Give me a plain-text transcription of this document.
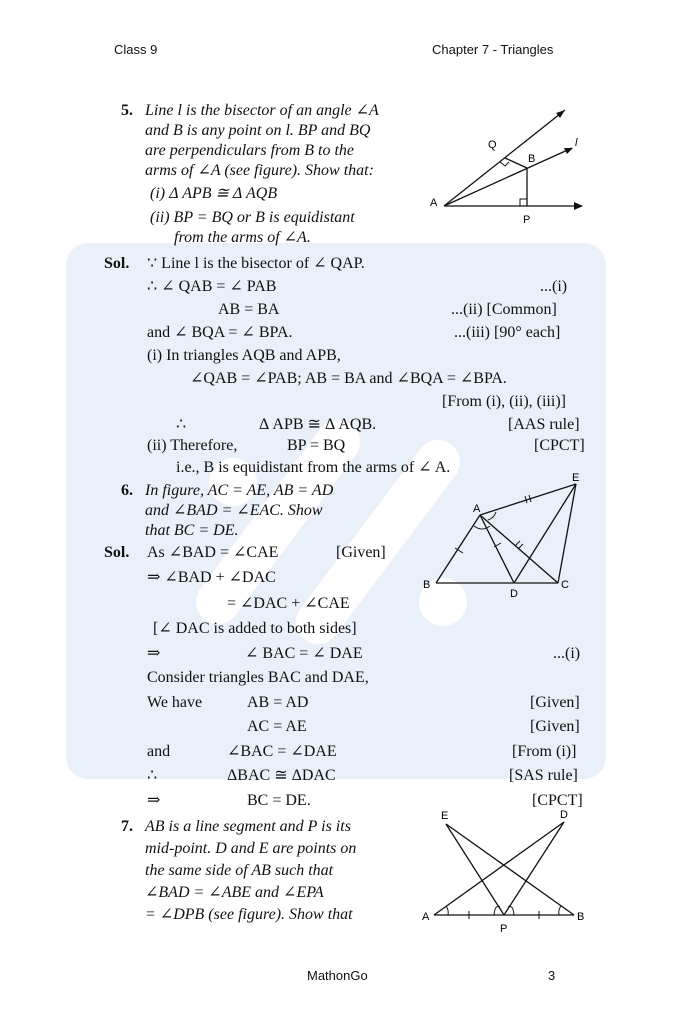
Class 9	Chapter 7 - Triangles
5. Line l is the bisector of an angle ∠A
and B is any point on l. BP and BQ
are perpendiculars from B to the
arms of ∠A (see figure). Show that:
(i) Δ APB ≅ Δ AQB
(ii) BP = BQ or B is equidistant
from the arms of ∠A.
Q
B
l
A
P
Sol. ∵ Line l is the bisector of ∠ QAP.
∴ ∠ QAB = ∠ PAB	...(i)
AB = BA	...(ii) [Common]
and ∠ BQA = ∠ BPA.	...(iii) [90° each]
(i) In triangles AQB and APB,
∠QAB = ∠PAB; AB = BA and ∠BQA = ∠BPA.
[From (i), (ii), (iii)]
∴	Δ APB ≅ Δ AQB.	[AAS rule]
(ii) Therefore,	BP = BQ	[CPCT]
i.e., B is equidistant from the arms of ∠ A.
6. In figure, AC = AE, AB = AD
and ∠BAD = ∠EAC. Show
that BC = DE.
E
A
B
D
C
Sol. As ∠BAD = ∠CAE	[Given]
⇒ ∠BAD + ∠DAC
= ∠DAC + ∠CAE
[∠ DAC is added to both sides]
⇒	∠ BAC = ∠ DAE	...(i)
Consider triangles BAC and DAE,
We have	AB = AD	[Given]
AC = AE	[Given]
and	∠BAC = ∠DAE	[From (i)]
∴	ΔBAC ≅ ΔDAC	[SAS rule]
⇒	BC = DE.	[CPCT]
7. AB is a line segment and P is its
mid-point. D and E are points on
the same side of AB such that
∠BAD = ∠ABE and ∠EPA
= ∠DPB (see figure). Show that
E	D
A
P
B
MathonGo	3
